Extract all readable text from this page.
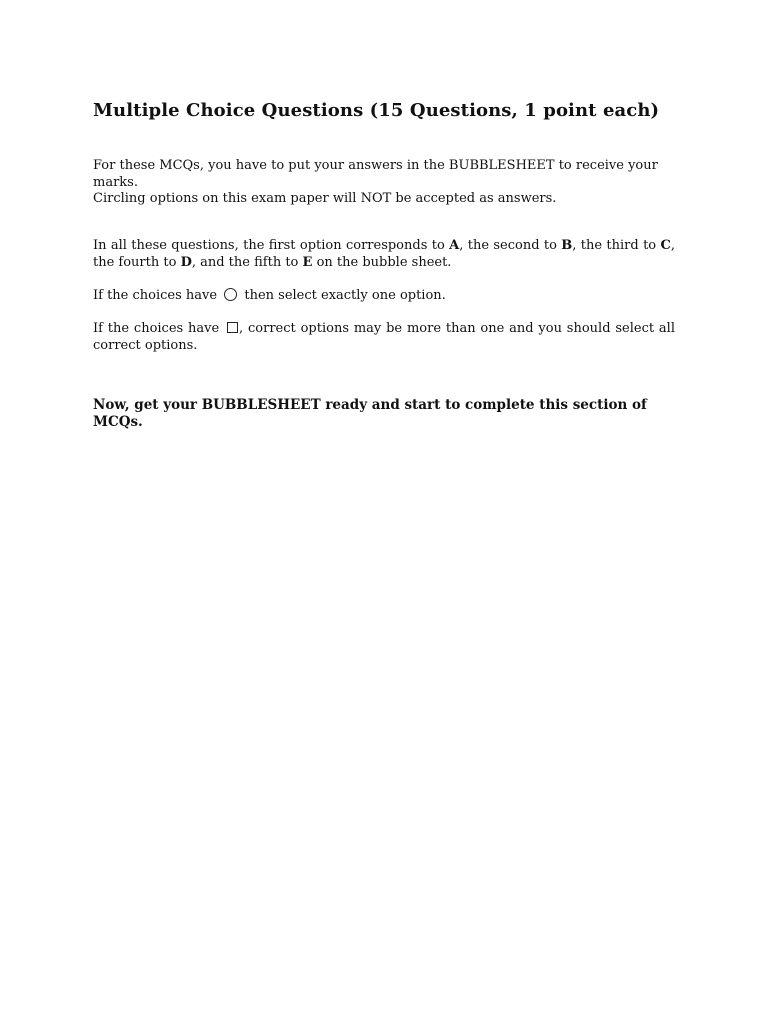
Multiple Choice Questions (15 Questions, 1 point each)
For these MCQs, you have to put your answers in the BUBBLESHEET to receive your marks.
Circling options on this exam paper will NOT be accepted as answers.
In all these questions, the first option corresponds to A, the second to B, the third to C, the fourth to D, and the fifth to E on the bubble sheet.
If the choices have  then select exactly one option.
If the choices have , correct options may be more than one and you should select all correct options.
Now, get your BUBBLESHEET ready and start to complete this section of MCQs.
